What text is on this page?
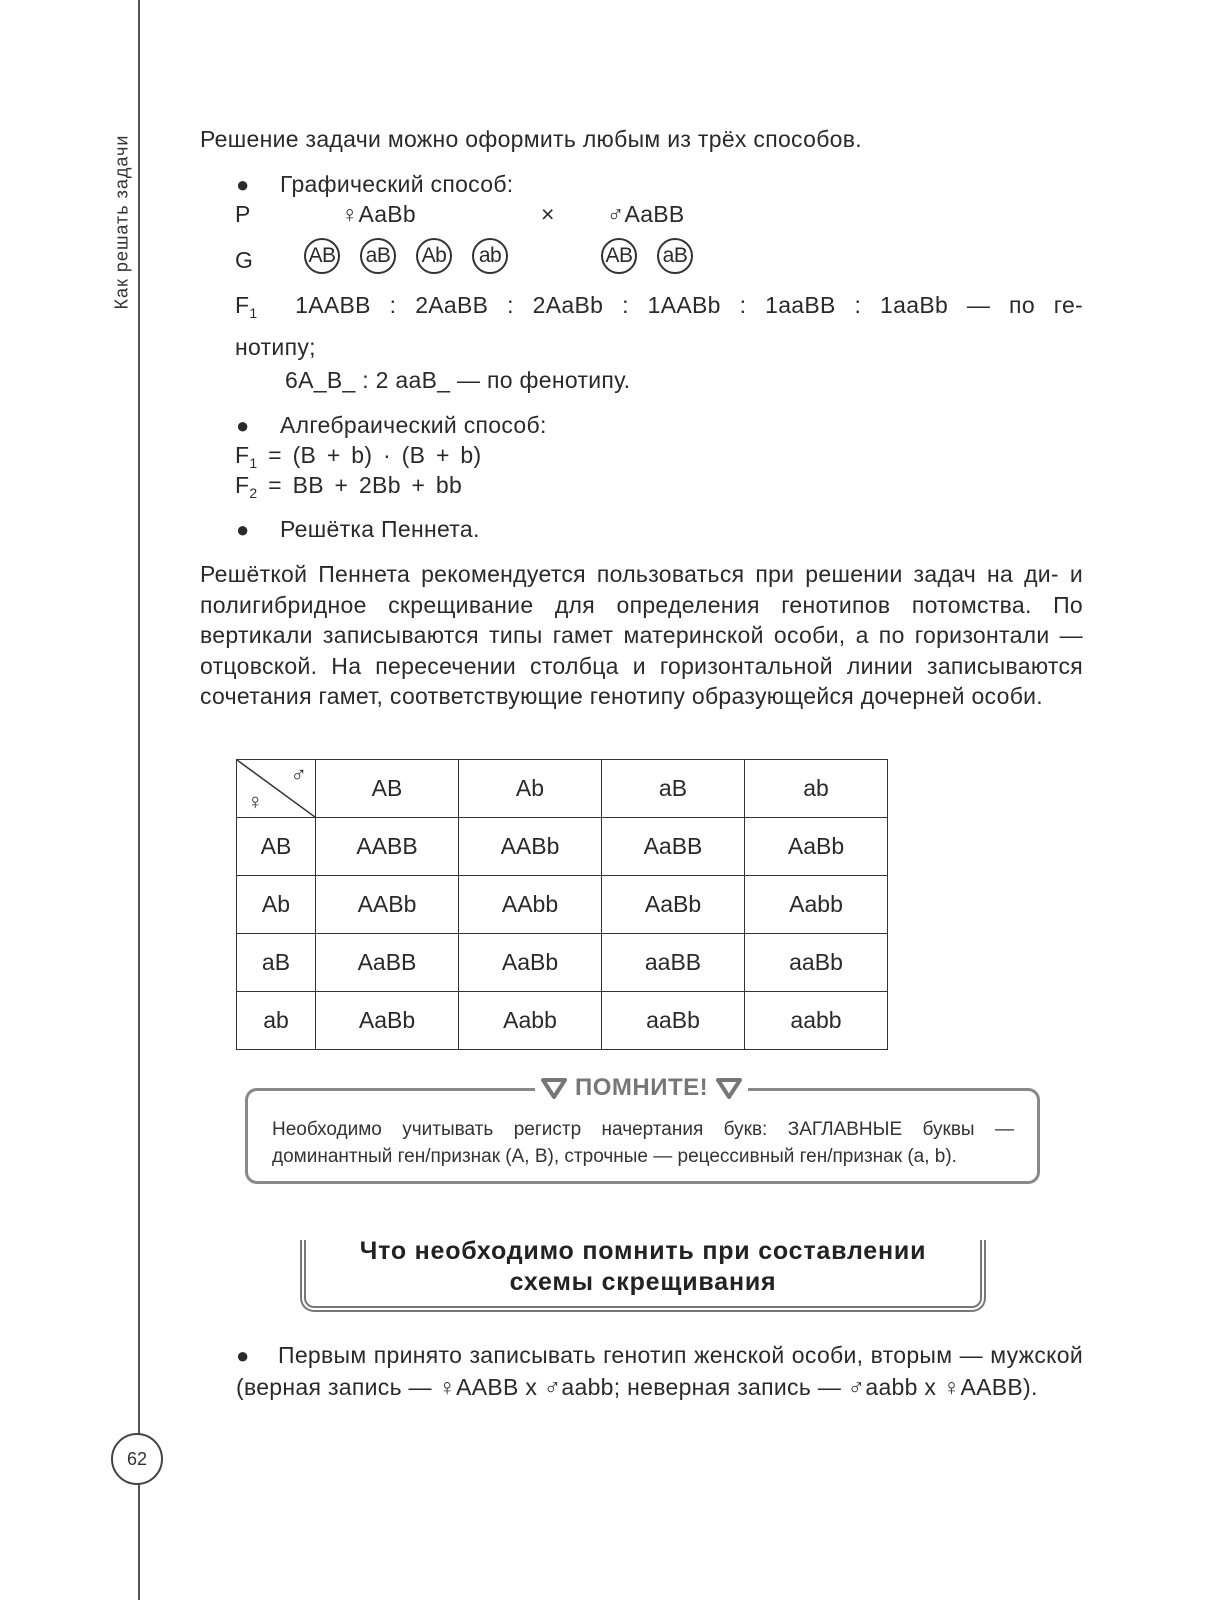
Как решать задачи
62
Решение задачи можно оформить любым из трёх способов.
● Графический способ:
P	♀AaBb	× ♂AaBB
G	AB aB Ab	ab	AB aB
$F_1$ 1AABB : 2AaBB : 2AaBb : 1AABb : 1aaBB : 1aaBb — по ге-
нотипу;
6A_B_ : 2 aaB_ — по фенотипу.
● Алгебраический способ:
$F_1 = (B + b) \cdot (B + b)$
$F_2$ = BB + 2Bb + bb
● Решётка Пеннета.
Решёткой Пеннета рекомендуется пользоваться при решении задач на ди- и полигибридное скрещивание для определения генотипов потомства. По вертикали записываются типы гамет материнской особи, а по горизонтали — отцовской. На пересечении столбца и горизонтальной линии записываются сочетания гамет, соответствующие генотипу образующейся дочерней особи.
♂
♀	AB	Ab	aB	ab
AB	AABB	AABb	AaBB	AaBb
Ab	AABb	AAbb	AaBb	Aabb
aB	AaBB	AaBb	aaBB	aaBb
ab	AaBb	Aabb	aaBb	aabb
ПОМНИТЕ!
Необходимо учитывать регистр начертания букв: ЗАГЛАВНЫЕ буквы — доминантный ген/признак (A, B), строчные — рецессивный ген/признак (a, b).
Что необходимо помнить при составлении
схемы скрещивания
● Первым принято записывать генотип женской особи, вторым — мужской (верная запись — ♀AABB x ♂aabb; неверная запись — ♂aabb x ♀AABB).
